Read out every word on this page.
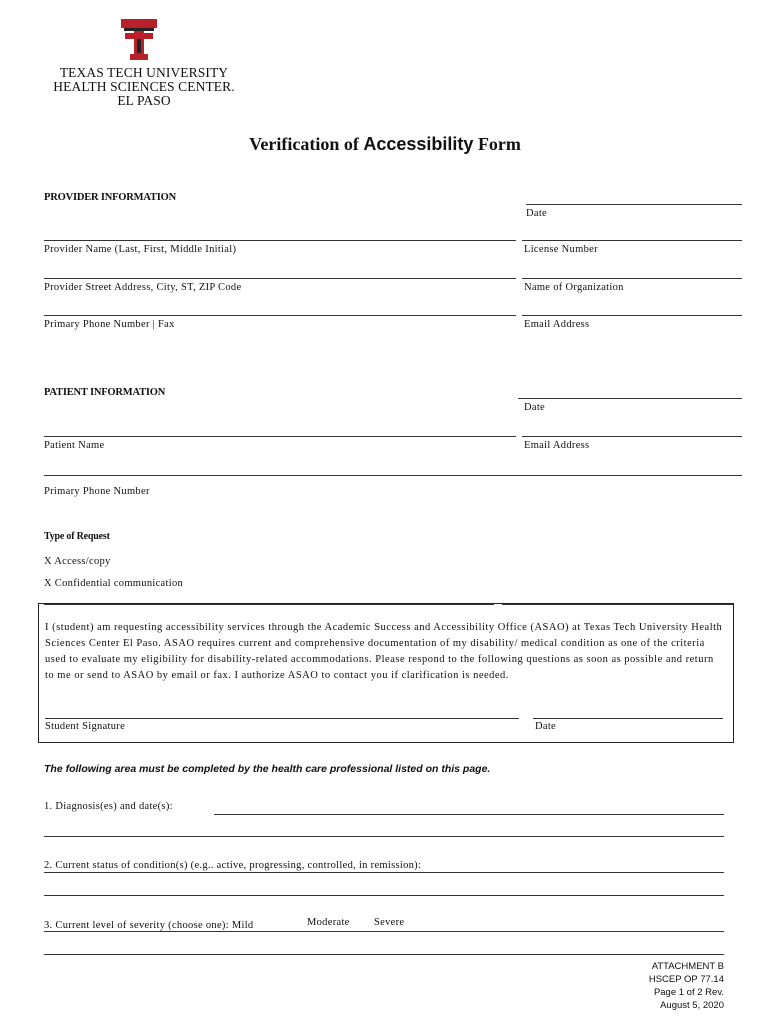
TEXAS TECH UNIVERSITY
HEALTH SCIENCES CENTER.
EL PASO
Verification of Accessibility Form
PROVIDER INFORMATION
Date
Provider Name (Last, First, Middle Initial)	License Number
Provider Street Address, City, ST, ZIP Code	Name of Organization
Primary Phone Number | Fax	Email Address
PATIENT INFORMATION
Date
Patient Name	Email Address
Primary Phone Number
Type of Request
X Access/copy
X Confidential communication
I (student) am requesting accessibility services through the Academic Success and Accessibility Office (ASAO) at Texas Tech University Health Sciences Center El Paso. ASAO requires current and comprehensive documentation of my disability/ medical condition as one of the criteria used to evaluate my eligibility for disability-related accommodations. Please respond to the following questions as soon as possible and return to me or send to ASAO by email or fax. I authorize ASAO to contact you if clarification is needed.
Student Signature	Date
The following area must be completed by the health care professional listed on this page.
1. Diagnosis(es) and date(s):
2. Current status of condition(s) (e.g.. active, progressing, controlled, in remission):
3. Current level of severity (choose one): Mild	Moderate Severe
ATTACHMENT B
HSCEP OP 77.14
Page 1 of 2 Rev.
August 5, 2020
